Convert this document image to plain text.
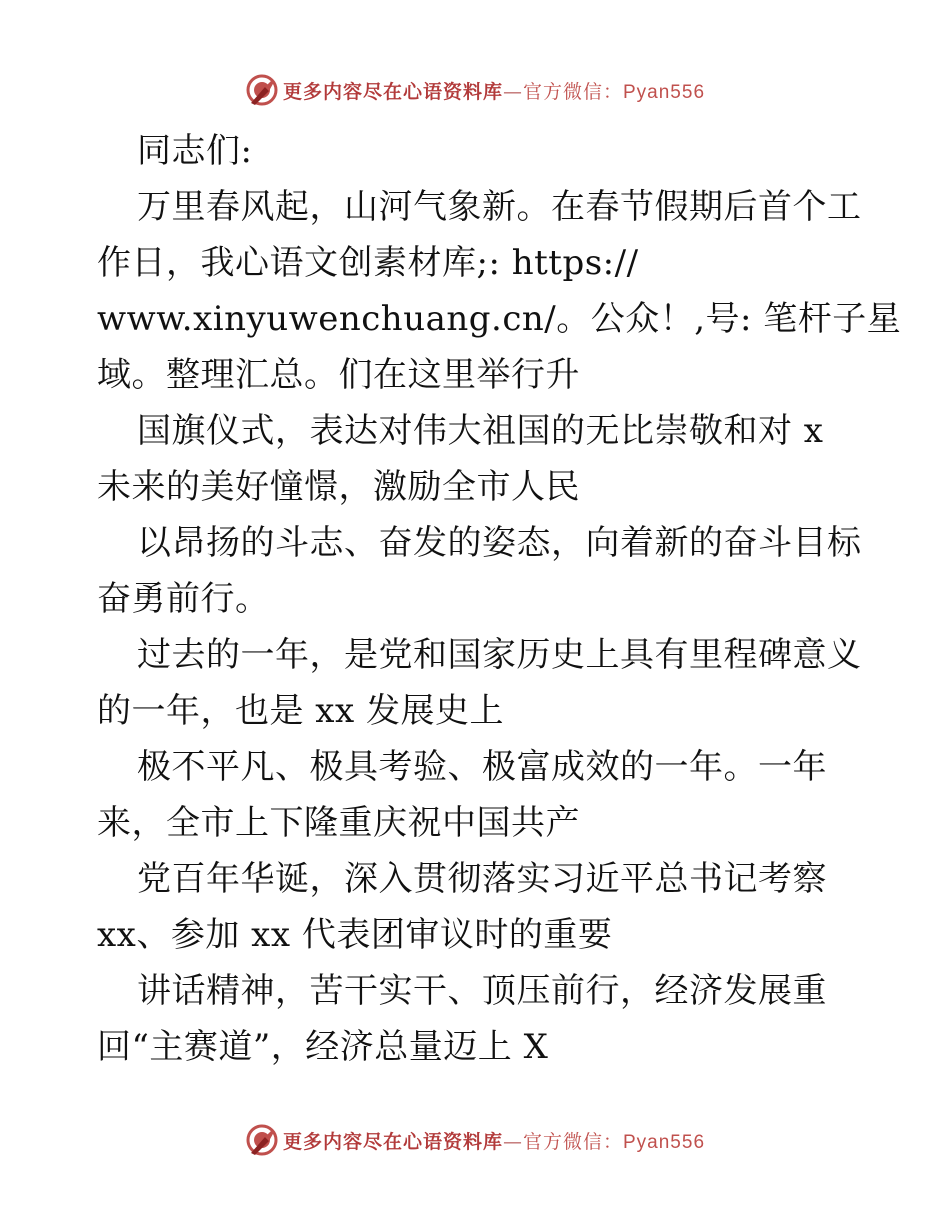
更多内容尽在心语资料库—官方微信：Pyan556
同志们:
万里春风起，山河气象新。在春节假期后首个工
作日，我心语文创素材库;: https://
www.xinyuwenchuang.cn/。公众！,号: 笔杆子星
域。整理汇总。们在这里举行升
国旗仪式，表达对伟大祖国的无比崇敬和对 x
未来的美好憧憬，激励全市人民
以昂扬的斗志、奋发的姿态，向着新的奋斗目标
奋勇前行。
过去的一年，是党和国家历史上具有里程碑意义
的一年，也是 xx 发展史上
极不平凡、极具考验、极富成效的一年。一年
来，全市上下隆重庆祝中国共产
党百年华诞，深入贯彻落实习近平总书记考察
xx、参加 xx 代表团审议时的重要
讲话精神，苦干实干、顶压前行，经济发展重
回“主赛道”，经济总量迈上 X
更多内容尽在心语资料库—官方微信：Pyan556
